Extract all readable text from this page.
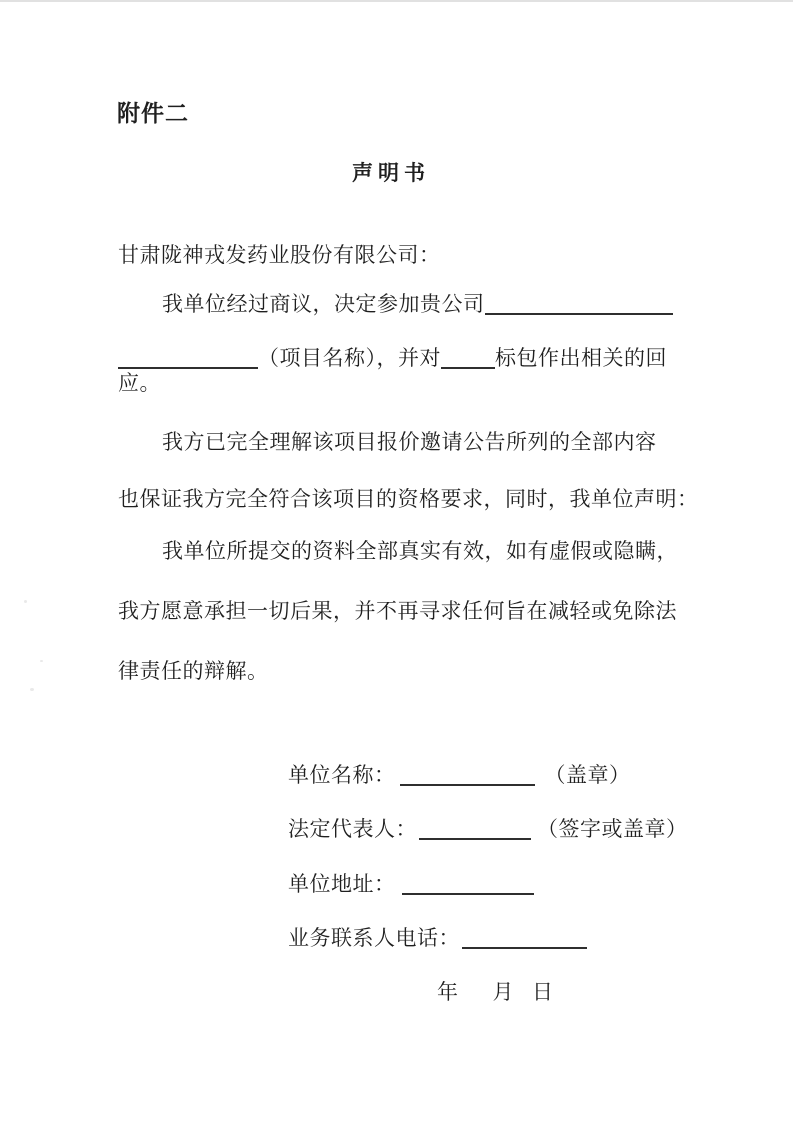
附件二
声明书
甘肃陇神戎发药业股份有限公司：
我单位经过商议，决定参加贵公司
（项目名称），并对	标包作出相关的回
应。
我方已完全理解该项目报价邀请公告所列的全部内容
也保证我方完全符合该项目的资格要求，同时，我单位声明：
我单位所提交的资料全部真实有效，如有虚假或隐瞒，
我方愿意承担一切后果，并不再寻求任何旨在减轻或免除法
律责任的辩解。
单位名称：	（盖章）
法定代表人：	（签字或盖章）
单位地址：
业务联系人电话：
年 月 日
